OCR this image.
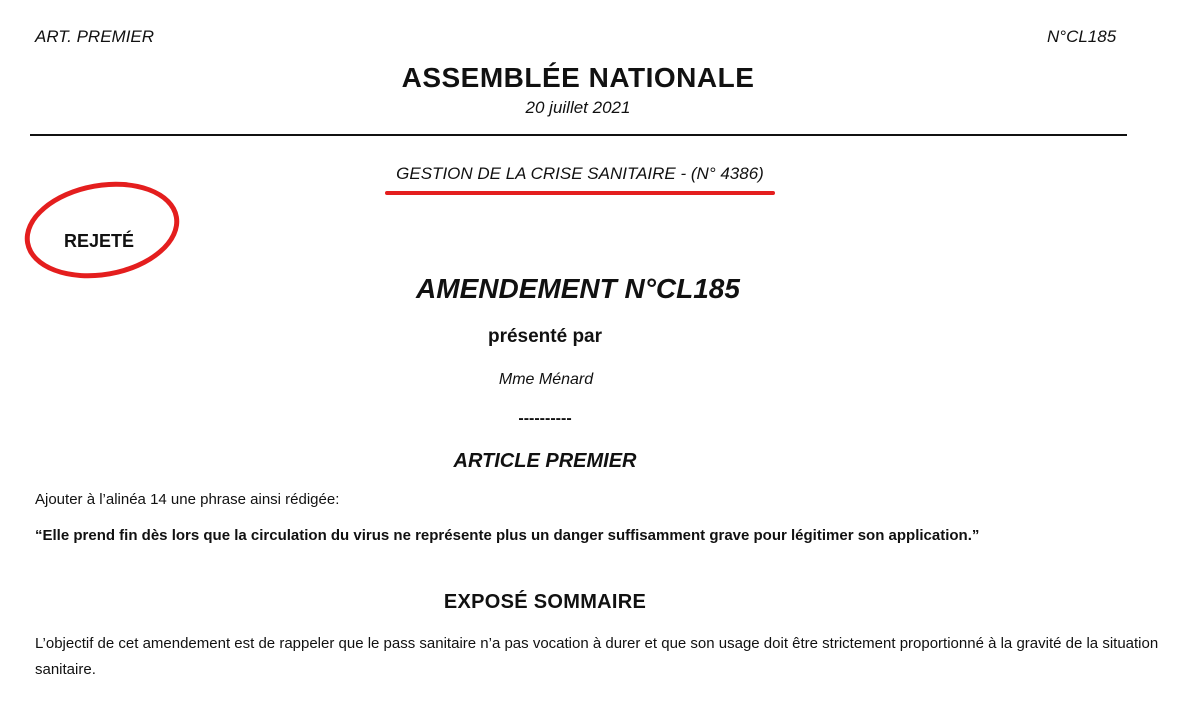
ART. PREMIER	N°CL185
ASSEMBLÉE NATIONALE
20 juillet 2021
GESTION DE LA CRISE SANITAIRE - (N° 4386)
REJETÉ
AMENDEMENT N°CL185
présenté par
Mme Ménard
----------
ARTICLE PREMIER
Ajouter à l’alinéa 14 une phrase ainsi rédigée:
“Elle prend fin dès lors que la circulation du virus ne représente plus un danger suffisamment grave pour légitimer son application.”
EXPOSÉ SOMMAIRE
L’objectif de cet amendement est de rappeler que le pass sanitaire n’a pas vocation à durer et que son usage doit être strictement proportionné à la gravité de la situation sanitaire.
